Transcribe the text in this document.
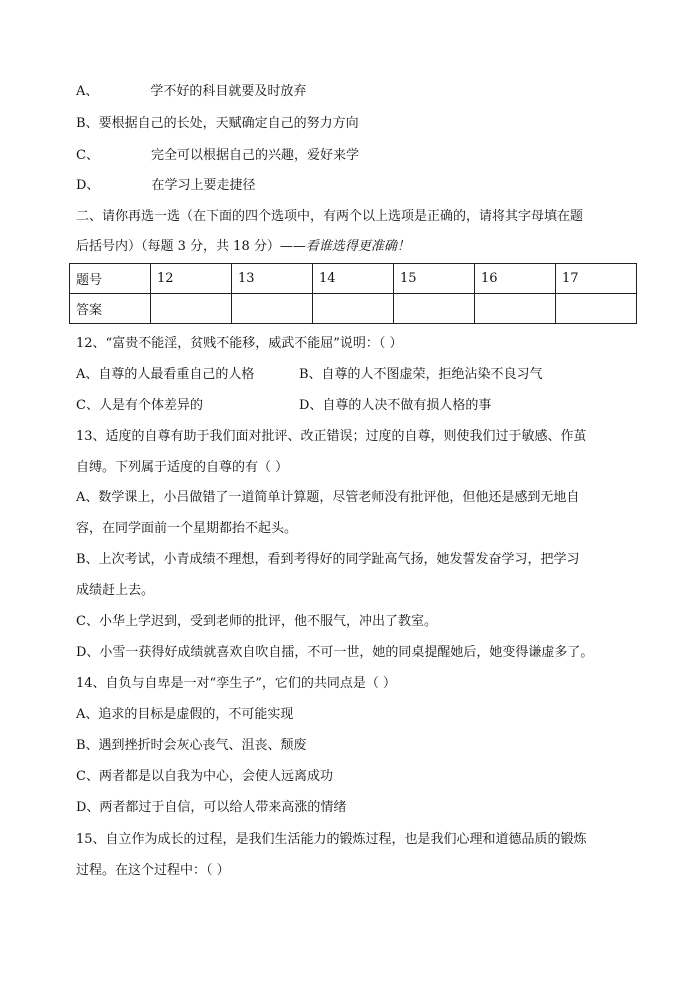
A、	学不好的科目就要及时放弃
B、要根据自己的长处，天赋确定自己的努力方向
C、	完全可以根据自己的兴趣，爱好来学
D、	在学习上要走捷径
二、请你再选一选（在下面的四个选项中，有两个以上选项是正确的，请将其字母填在题
后括号内）（每题 3 分，共 18 分）——看谁选得更准确！
题号	12	13	14	15	16	17
答案						
12、“富贵不能淫，贫贱不能移，威武不能屈”说明：（ ）
A、自尊的人最看重自己的人格	B、自尊的人不图虚荣，拒绝沾染不良习气
C、人是有个体差异的	D、自尊的人决不做有损人格的事
13、适度的自尊有助于我们面对批评、改正错误；过度的自尊，则使我们过于敏感、作茧
自缚。下列属于适度的自尊的有（ ）
A、数学课上，小吕做错了一道简单计算题，尽管老师没有批评他，但他还是感到无地自
容，在同学面前一个星期都抬不起头。
B、上次考试，小青成绩不理想，看到考得好的同学趾高气扬，她发誓发奋学习，把学习
成绩赶上去。
C、小华上学迟到，受到老师的批评，他不服气，冲出了教室。
D、小雪一获得好成绩就喜欢自吹自擂，不可一世，她的同桌提醒她后，她变得谦虚多了。
14、自负与自卑是一对“孪生子”，它们的共同点是（ ）
A、追求的目标是虚假的，不可能实现
B、遇到挫折时会灰心丧气、沮丧、颓废
C、两者都是以自我为中心，会使人远离成功
D、两者都过于自信，可以给人带来高涨的情绪
15、自立作为成长的过程，是我们生活能力的锻炼过程，也是我们心理和道德品质的锻炼
过程。在这个过程中：（ ）
